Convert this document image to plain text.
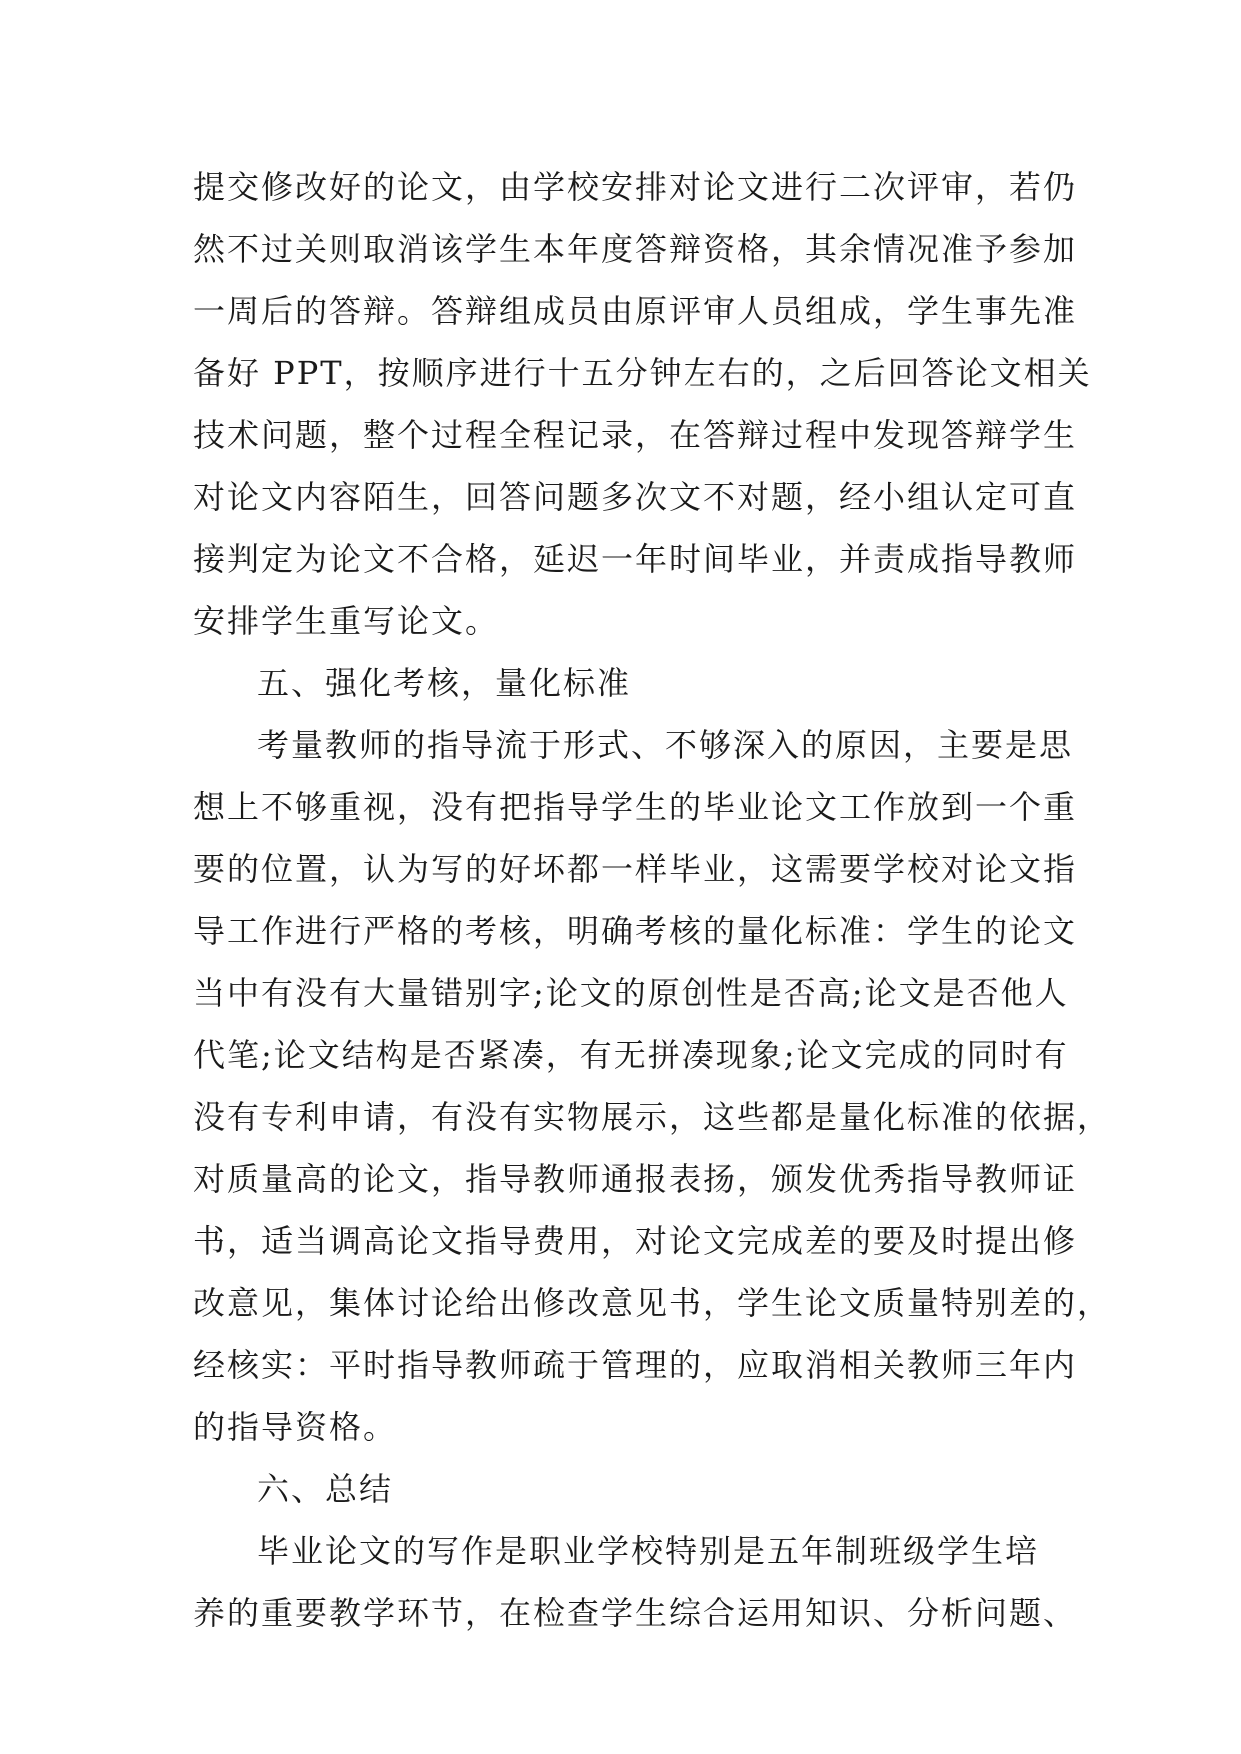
提交修改好的论文，由学校安排对论文进行二次评审，若仍
然不过关则取消该学生本年度答辩资格，其余情况准予参加
一周后的答辩。答辩组成员由原评审人员组成，学生事先准
备好 PPT，按顺序进行十五分钟左右的，之后回答论文相关
技术问题，整个过程全程记录，在答辩过程中发现答辩学生
对论文内容陌生，回答问题多次文不对题，经小组认定可直
接判定为论文不合格，延迟一年时间毕业，并责成指导教师
安排学生重写论文。
五、强化考核，量化标准
考量教师的指导流于形式、不够深入的原因，主要是思
想上不够重视，没有把指导学生的毕业论文工作放到一个重
要的位置，认为写的好坏都一样毕业，这需要学校对论文指
导工作进行严格的考核，明确考核的量化标准：学生的论文
当中有没有大量错别字;论文的原创性是否高;论文是否他人
代笔;论文结构是否紧凑，有无拼凑现象;论文完成的同时有
没有专利申请，有没有实物展示，这些都是量化标准的依据，
对质量高的论文，指导教师通报表扬，颁发优秀指导教师证
书，适当调高论文指导费用，对论文完成差的要及时提出修
改意见，集体讨论给出修改意见书，学生论文质量特别差的，
经核实：平时指导教师疏于管理的，应取消相关教师三年内
的指导资格。
六、总结
毕业论文的写作是职业学校特别是五年制班级学生培
养的重要教学环节，在检查学生综合运用知识、分析问题、
